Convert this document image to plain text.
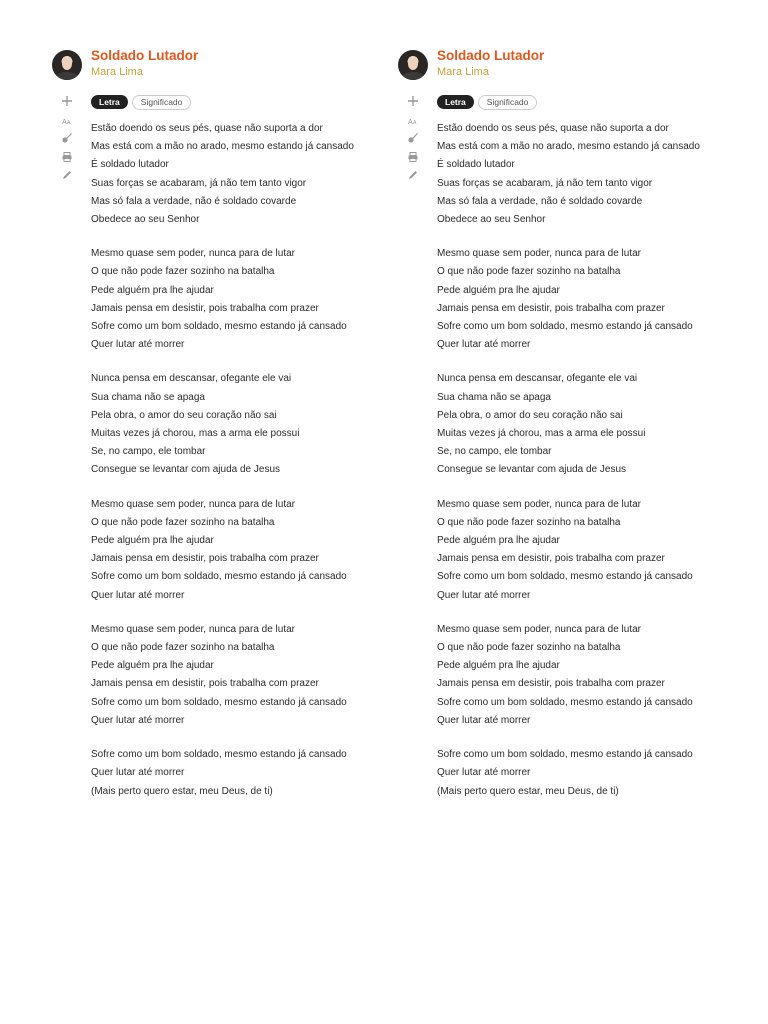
Soldado Lutador
Mara Lima
A A
Letra	Significado
Estão doendo os seus pés, quase não suporta a dor
Mas está com a mão no arado, mesmo estando já cansado
É soldado lutador
Suas forças se acabaram, já não tem tanto vigor
Mas só fala a verdade, não é soldado covarde
Obedece ao seu Senhor
Mesmo quase sem poder, nunca para de lutar
O que não pode fazer sozinho na batalha
Pede alguém pra lhe ajudar
Jamais pensa em desistir, pois trabalha com prazer
Sofre como um bom soldado, mesmo estando já cansado
Quer lutar até morrer
Nunca pensa em descansar, ofegante ele vai
Sua chama não se apaga
Pela obra, o amor do seu coração não sai
Muitas vezes já chorou, mas a arma ele possui
Se, no campo, ele tombar
Consegue se levantar com ajuda de Jesus
Mesmo quase sem poder, nunca para de lutar
O que não pode fazer sozinho na batalha
Pede alguém pra lhe ajudar
Jamais pensa em desistir, pois trabalha com prazer
Sofre como um bom soldado, mesmo estando já cansado
Quer lutar até morrer
Mesmo quase sem poder, nunca para de lutar
O que não pode fazer sozinho na batalha
Pede alguém pra lhe ajudar
Jamais pensa em desistir, pois trabalha com prazer
Sofre como um bom soldado, mesmo estando já cansado
Quer lutar até morrer
Sofre como um bom soldado, mesmo estando já cansado
Quer lutar até morrer
(Mais perto quero estar, meu Deus, de ti)
Soldado Lutador
Mara Lima
A A
Letra	Significado
Estão doendo os seus pés, quase não suporta a dor
Mas está com a mão no arado, mesmo estando já cansado
É soldado lutador
Suas forças se acabaram, já não tem tanto vigor
Mas só fala a verdade, não é soldado covarde
Obedece ao seu Senhor
Mesmo quase sem poder, nunca para de lutar
O que não pode fazer sozinho na batalha
Pede alguém pra lhe ajudar
Jamais pensa em desistir, pois trabalha com prazer
Sofre como um bom soldado, mesmo estando já cansado
Quer lutar até morrer
Nunca pensa em descansar, ofegante ele vai
Sua chama não se apaga
Pela obra, o amor do seu coração não sai
Muitas vezes já chorou, mas a arma ele possui
Se, no campo, ele tombar
Consegue se levantar com ajuda de Jesus
Mesmo quase sem poder, nunca para de lutar
O que não pode fazer sozinho na batalha
Pede alguém pra lhe ajudar
Jamais pensa em desistir, pois trabalha com prazer
Sofre como um bom soldado, mesmo estando já cansado
Quer lutar até morrer
Mesmo quase sem poder, nunca para de lutar
O que não pode fazer sozinho na batalha
Pede alguém pra lhe ajudar
Jamais pensa em desistir, pois trabalha com prazer
Sofre como um bom soldado, mesmo estando já cansado
Quer lutar até morrer
Sofre como um bom soldado, mesmo estando já cansado
Quer lutar até morrer
(Mais perto quero estar, meu Deus, de ti)
